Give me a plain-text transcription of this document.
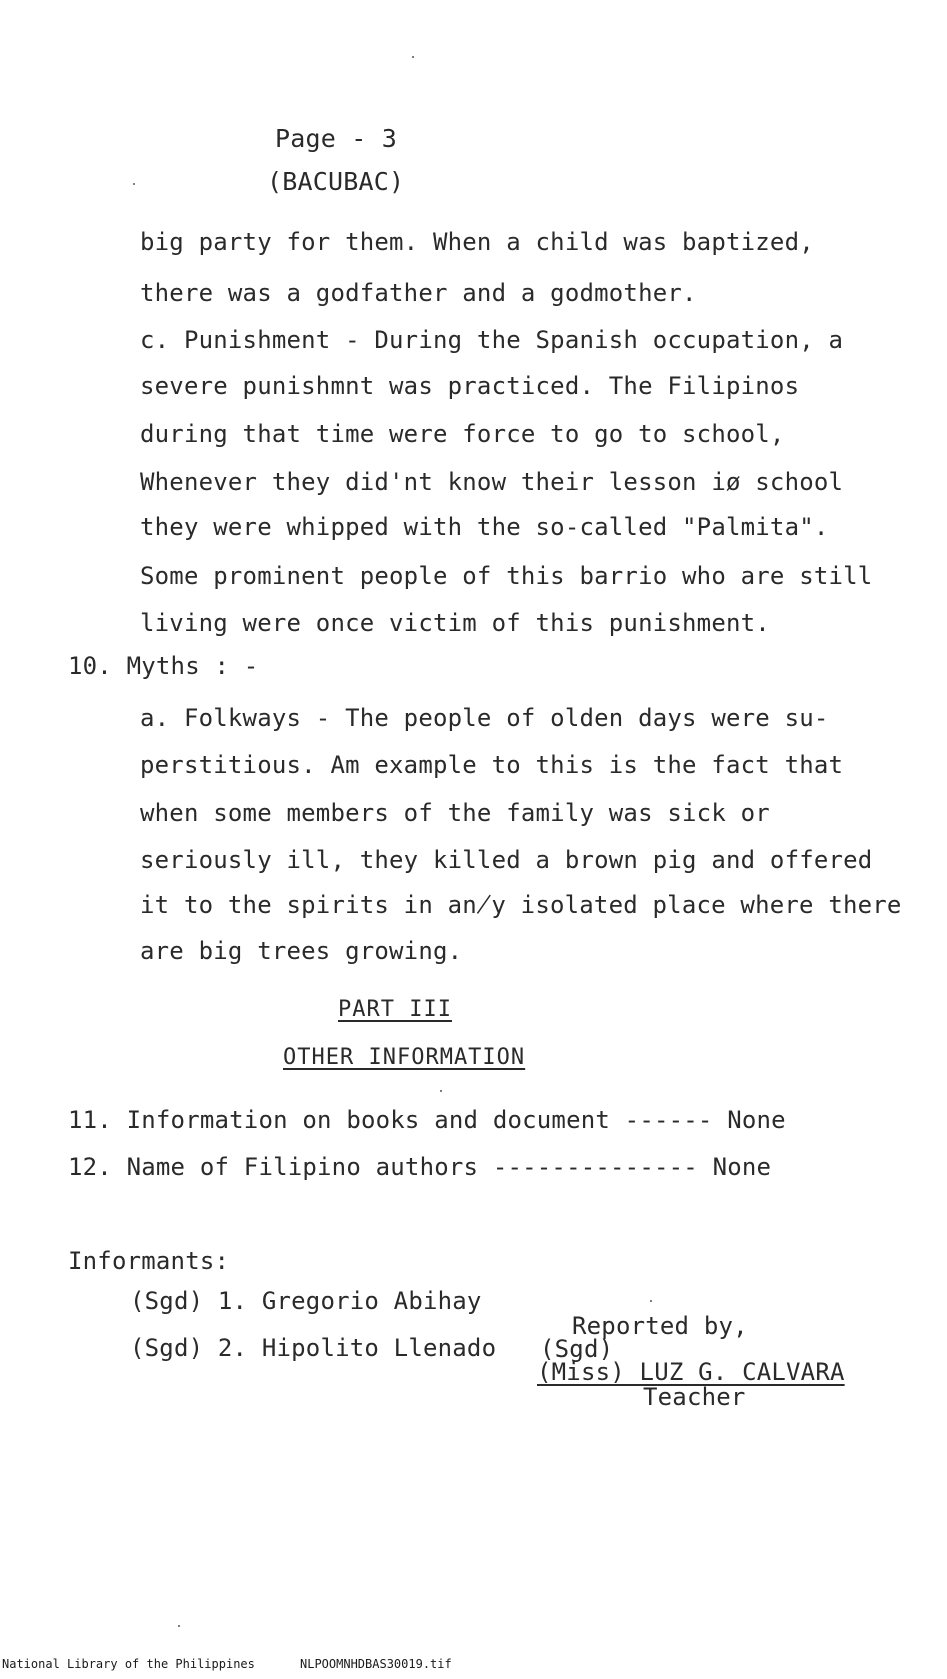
Page - 3
(BACUBAC)
big party for them. When a child was baptized,
there was a godfather and a godmother.
c. Punishment - During the Spanish occupation, a
severe punishmnt was practiced. The Filipinos
during that time were force to go to school,
Whenever they did'nt know their lesson iø school
they were whipped with the so-called "Palmita".
Some prominent people of this barrio who are still
living were once victim of this punishment.
10. Myths : -
a. Folkways - The people of olden days were su-
perstitious. Am example to this is the fact that
when some members of the family was sick or
seriously ill, they killed a brown pig and offered
it to the spirits in an̸y isolated place where there
are big trees growing.
PART III
OTHER INFORMATION
11. Information on books and document ------ None
12. Name of Filipino authors -------------- None
Informants:
(Sgd) 1. Gregorio Abihay
(Sgd) 2. Hipolito Llenado
Reported by,
(Sgd)
(Miss) LUZ G. CALVARA
Teacher
National Library of the Philippines	NLPOOMNHDBAS30019.tif
